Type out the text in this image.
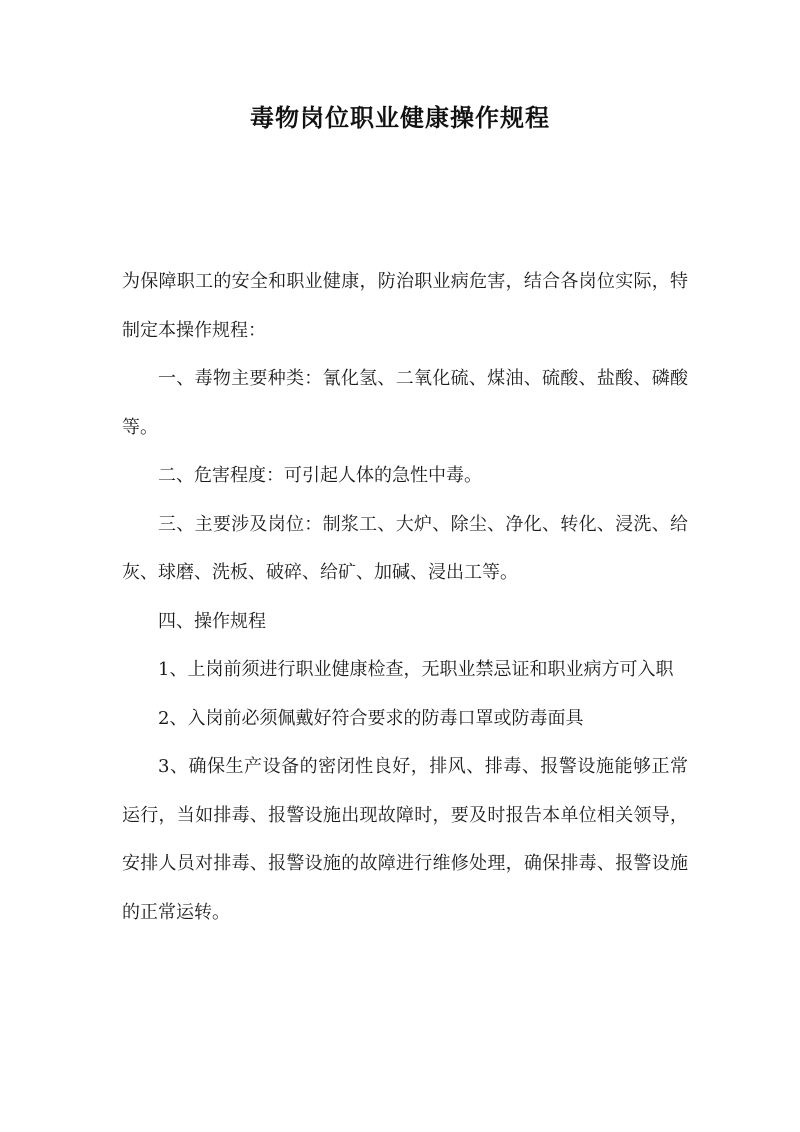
毒物岗位职业健康操作规程

为保障职工的安全和职业健康，防治职业病危害，结合各岗位实际，特制定本操作规程：

一、毒物主要种类：氰化氢、二氧化硫、煤油、硫酸、盐酸、磷酸等。

二、危害程度：可引起人体的急性中毒。

三、主要涉及岗位：制浆工、大炉、除尘、净化、转化、浸洗、给灰、球磨、洗板、破碎、给矿、加碱、浸出工等。

四、操作规程

1、上岗前须进行职业健康检查，无职业禁忌证和职业病方可入职

2、入岗前必须佩戴好符合要求的防毒口罩或防毒面具

3、确保生产设备的密闭性良好，排风、排毒、报警设施能够正常运行，当如排毒、报警设施出现故障时，要及时报告本单位相关领导，安排人员对排毒、报警设施的故障进行维修处理，确保排毒、报警设施的正常运转。
